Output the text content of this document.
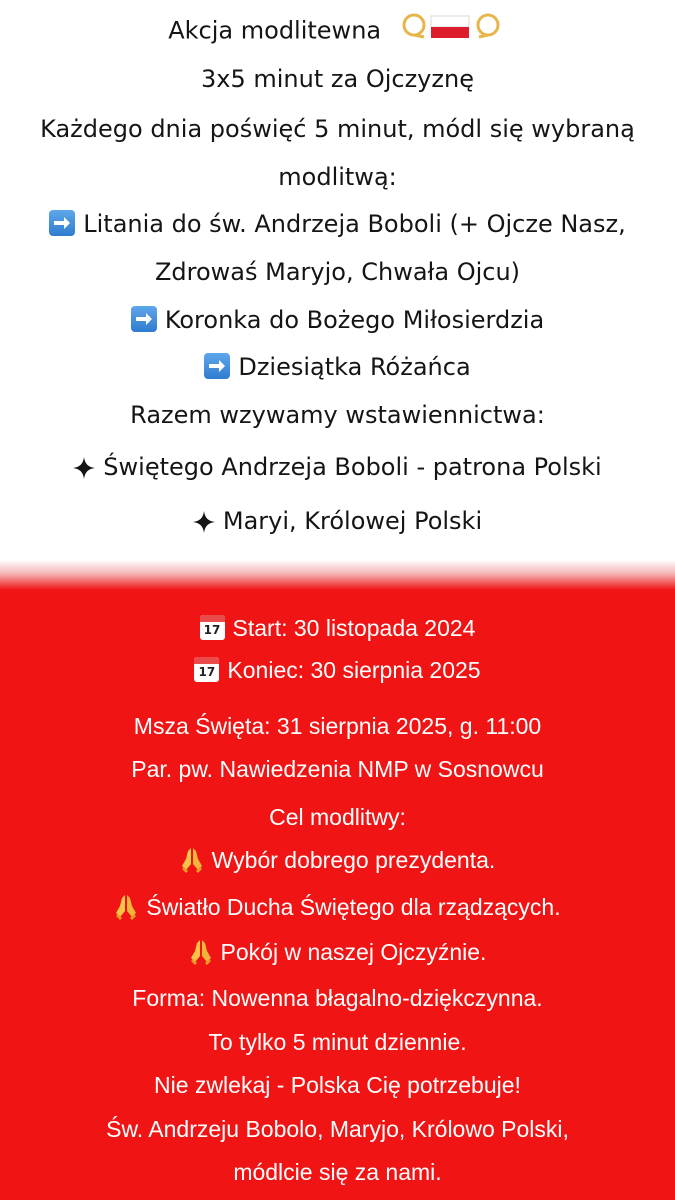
Akcja modlitewna
3x5 minut za Ojczyznę
Każdego dnia poświęć 5 minut, módl się wybraną
modlitwą:
Litania do św. Andrzeja Boboli (+ Ojcze Nasz,
Zdrowaś Maryjo, Chwała Ojcu)
Koronka do Bożego Miłosierdzia
Dziesiątka Różańca
Razem wzywamy wstawiennictwa:
Świętego Andrzeja Boboli - patrona Polski
Maryi, Królowej Polski
17 Start: 30 listopada 2024
17 Koniec: 30 sierpnia 2025
Msza Święta: 31 sierpnia 2025, g. 11:00
Par. pw. Nawiedzenia NMP w Sosnowcu
Cel modlitwy:
Wybór dobrego prezydenta.
Światło Ducha Świętego dla rządzących.
Pokój w naszej Ojczyźnie.
Forma: Nowenna błagalno-dziękczynna.
To tylko 5 minut dziennie.
Nie zwlekaj - Polska Cię potrzebuje!
Św. Andrzeju Bobolo, Maryjo, Królowo Polski,
módlcie się za nami.
